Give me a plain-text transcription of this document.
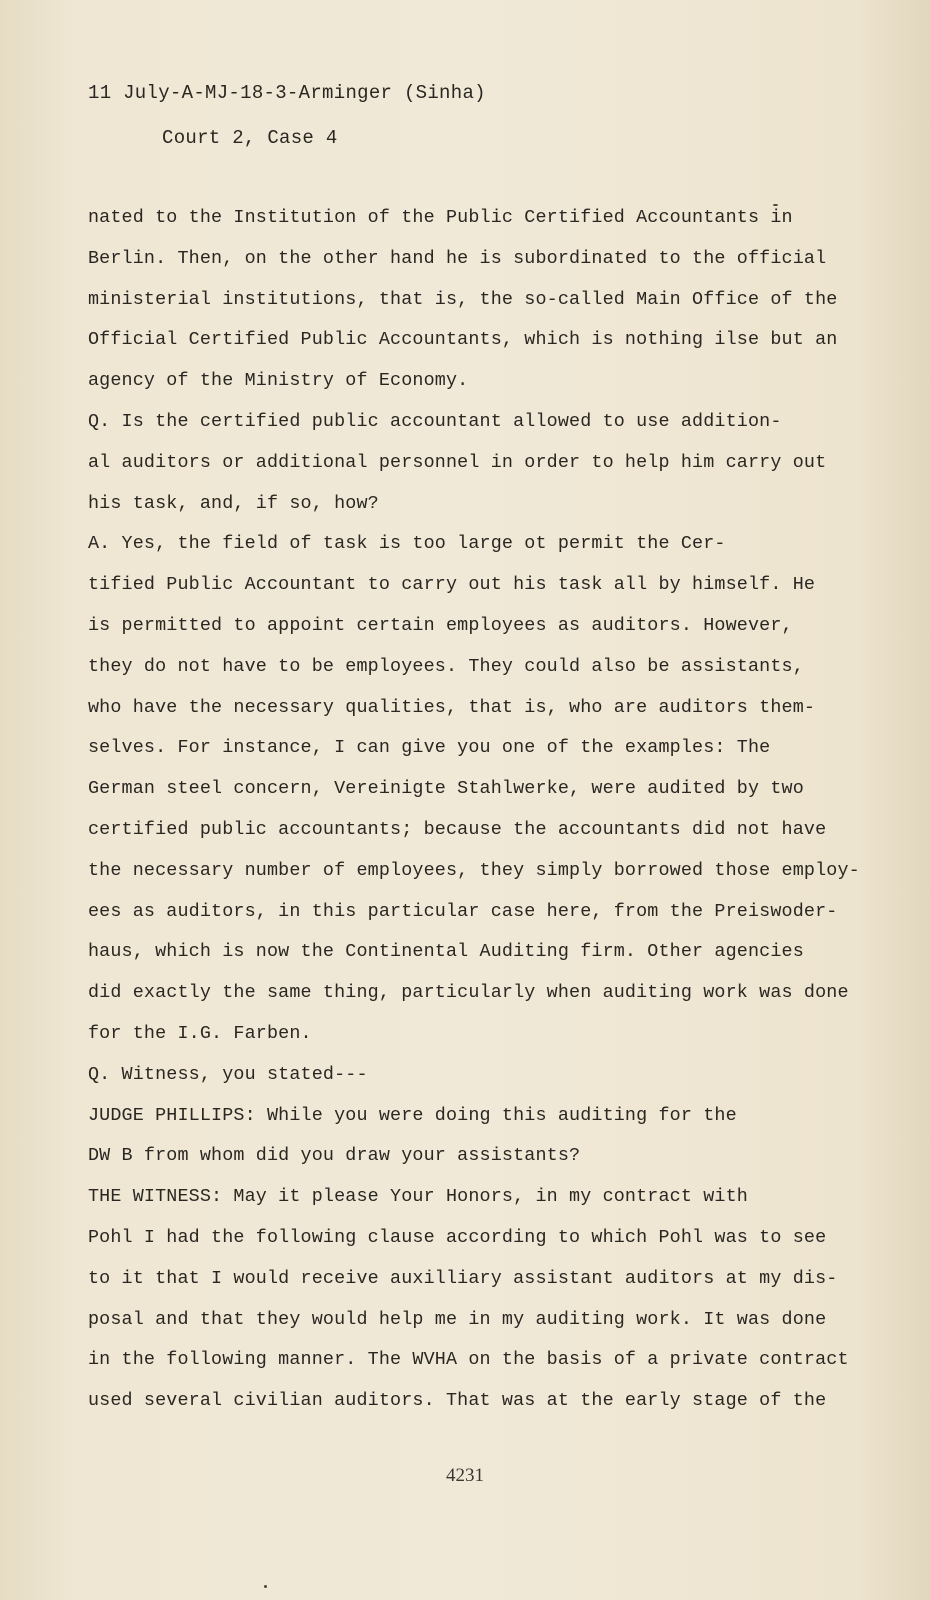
11 July-A-MJ-18-3-Arminger (Sinha)
Court 2, Case 4
nated to the Institution of the Public Certified Accountants in
Berlin. Then, on the other hand he is subordinated to the official
ministerial institutions, that is, the so-called Main Office of the
Official Certified Public Accountants, which is nothing ilse but an
agency of the Ministry of Economy.
Q. Is the certified public accountant allowed to use addition-
al auditors or additional personnel in order to help him carry out
his task, and, if so, how?
A. Yes, the field of task is too large ot permit the Cer-
tified Public Accountant to carry out his task all by himself. He
is permitted to appoint certain employees as auditors. However,
they do not have to be employees. They could also be assistants,
who have the necessary qualities, that is, who are auditors them-
selves. For instance, I can give you one of the examples: The
German steel concern, Vereinigte Stahlwerke, were audited by two
certified public accountants; because the accountants did not have
the necessary number of employees, they simply borrowed those employ-
ees as auditors, in this particular case here, from the Preiswoder-
haus, which is now the Continental Auditing firm. Other agencies
did exactly the same thing, particularly when auditing work was done
for the I.G. Farben.
Q. Witness, you stated---
JUDGE PHILLIPS: While you were doing this auditing for the
DW B from whom did you draw your assistants?
THE WITNESS: May it please Your Honors, in my contract with
Pohl I had the following clause according to which Pohl was to see
to it that I would receive auxilliary assistant auditors at my dis-
posal and that they would help me in my auditing work. It was done
in the following manner. The WVHA on the basis of a private contract
used several civilian auditors. That was at the early stage of the
4231
